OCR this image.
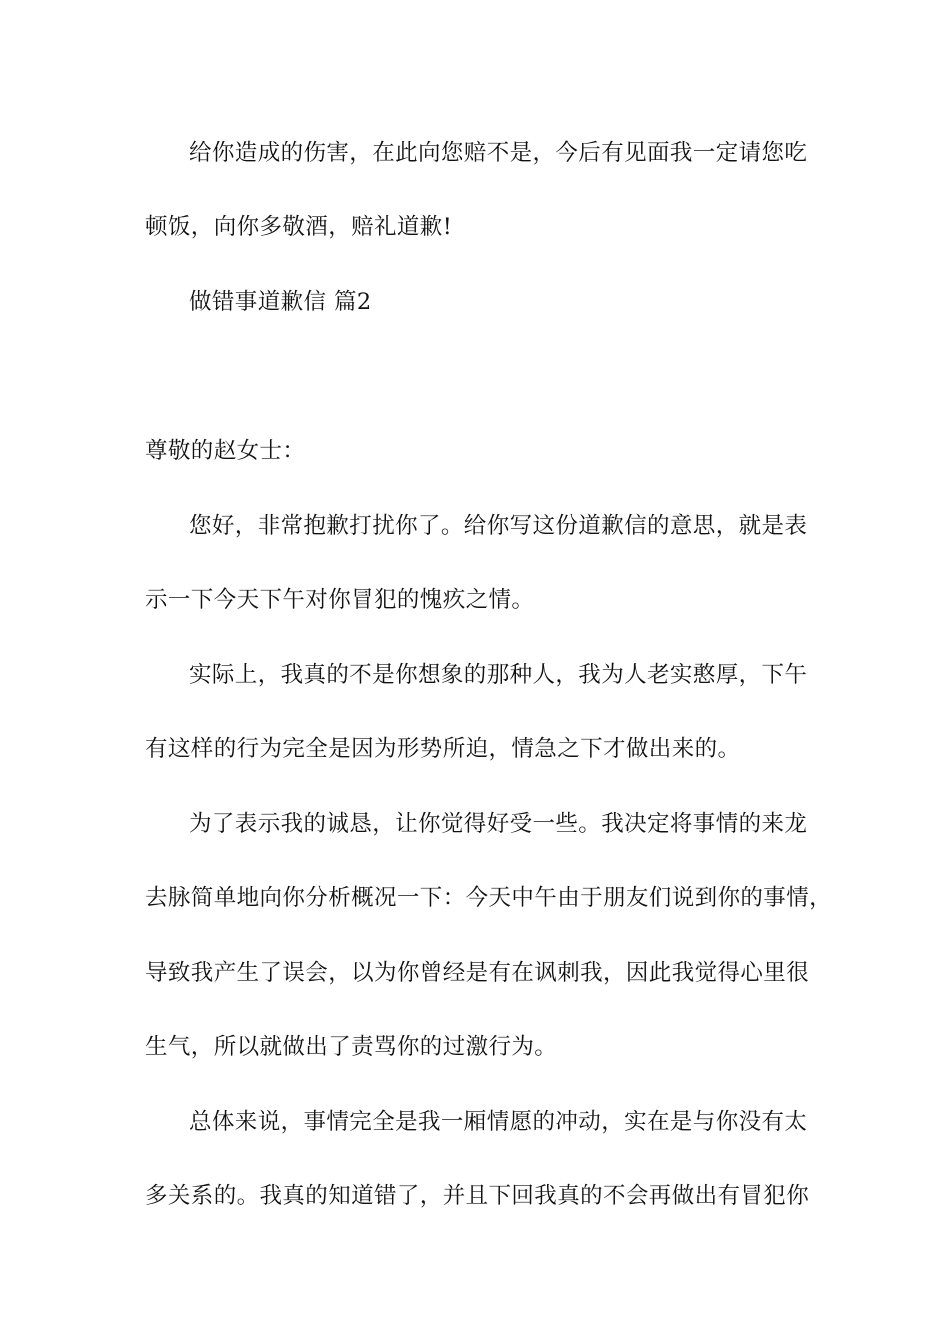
给你造成的伤害，在此向您赔不是，今后有见面我一定请您吃
顿饭，向你多敬酒，赔礼道歉!
做错事道歉信 篇2
尊敬的赵女士：
您好，非常抱歉打扰你了。给你写这份道歉信的意思，就是表
示一下今天下午对你冒犯的愧疚之情。
实际上，我真的不是你想象的那种人，我为人老实憨厚，下午
有这样的行为完全是因为形势所迫，情急之下才做出来的。
为了表示我的诚恳，让你觉得好受一些。我决定将事情的来龙
去脉简单地向你分析概况一下：今天中午由于朋友们说到你的事情，
导致我产生了误会，以为你曾经是有在讽刺我，因此我觉得心里很
生气，所以就做出了责骂你的过激行为。
总体来说，事情完全是我一厢情愿的冲动，实在是与你没有太
多关系的。我真的知道错了，并且下回我真的不会再做出有冒犯你
